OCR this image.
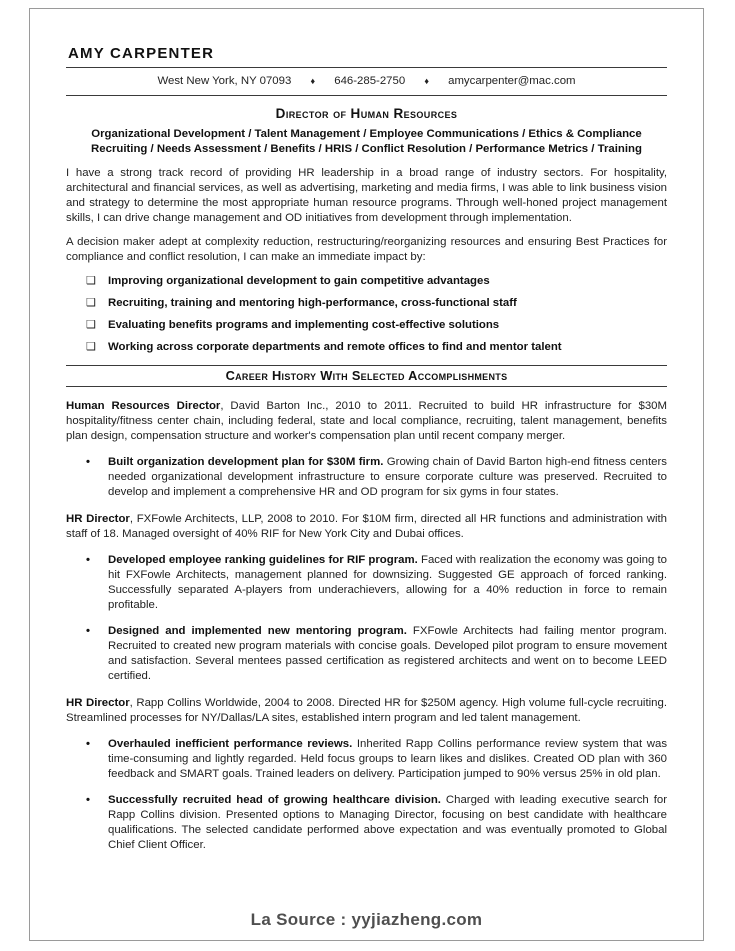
AMY CARPENTER
West New York, NY 07093 ♦ 646-285-2750 ♦ amycarpenter@mac.com
Director of Human Resources
Organizational Development / Talent Management / Employee Communications / Ethics & Compliance
Recruiting / Needs Assessment / Benefits / HRIS / Conflict Resolution / Performance Metrics / Training

I have a strong track record of providing HR leadership in a broad range of industry sectors. For hospitality, architectural and financial services, as well as advertising, marketing and media firms, I was able to link business vision and strategy to determine the most appropriate human resource programs. Through well-honed project management skills, I can drive change management and OD initiatives from development through implementation.

A decision maker adept at complexity reduction, restructuring/reorganizing resources and ensuring Best Practices for compliance and conflict resolution, I can make an immediate impact by:

❑	Improving organizational development to gain competitive advantages
❑	Recruiting, training and mentoring high-performance, cross-functional staff
❑	Evaluating benefits programs and implementing cost-effective solutions
❑	Working across corporate departments and remote offices to find and mentor talent
Career History With Selected Accomplishments

Human Resources Director, David Barton Inc., 2010 to 2011. Recruited to build HR infrastructure for $30M hospitality/fitness center chain, including federal, state and local compliance, recruiting, talent management, benefits plan design, compensation structure and worker's compensation plan until recent company merger.

•	Built organization development plan for $30M firm. Growing chain of David Barton high-end fitness centers needed organizational development infrastructure to ensure corporate culture was preserved. Recruited to develop and implement a comprehensive HR and OD program for six gyms in four states.

HR Director, FXFowle Architects, LLP, 2008 to 2010. For $10M firm, directed all HR functions and administration with staff of 18. Managed oversight of 40% RIF for New York City and Dubai offices.

•	Developed employee ranking guidelines for RIF program. Faced with realization the economy was going to hit FXFowle Architects, management planned for downsizing. Suggested GE approach of forced ranking. Successfully separated A-players from underachievers, allowing for a 40% reduction in force to remain profitable.
•	Designed and implemented new mentoring program. FXFowle Architects had failing mentor program. Recruited to created new program materials with concise goals. Developed pilot program to ensure movement and satisfaction. Several mentees passed certification as registered architects and went on to become LEED certified.

HR Director, Rapp Collins Worldwide, 2004 to 2008. Directed HR for $250M agency. High volume full-cycle recruiting. Streamlined processes for NY/Dallas/LA sites, established intern program and led talent management.

•	Overhauled inefficient performance reviews. Inherited Rapp Collins performance review system that was time-consuming and lightly regarded. Held focus groups to learn likes and dislikes. Created OD plan with 360 feedback and SMART goals. Trained leaders on delivery. Participation jumped to 90% versus 25% in old plan.
•	Successfully recruited head of growing healthcare division. Charged with leading executive search for Rapp Collins division. Presented options to Managing Director, focusing on best candidate with healthcare qualifications. The selected candidate performed above expectation and was eventually promoted to Global Chief Client Officer.
La Source : yyjiazheng.com
